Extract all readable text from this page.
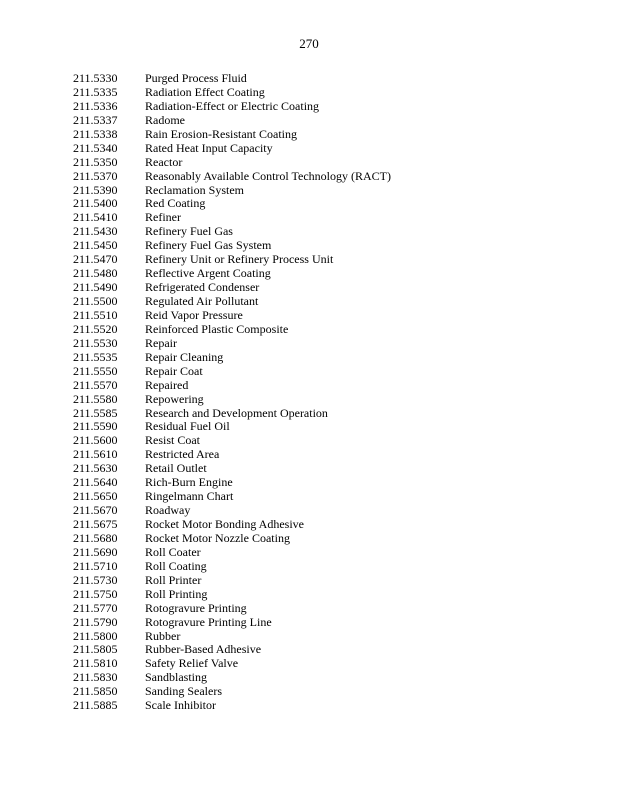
270
211.5330	Purged Process Fluid
211.5335	Radiation Effect Coating
211.5336	Radiation-Effect or Electric Coating
211.5337	Radome
211.5338	Rain Erosion-Resistant Coating
211.5340	Rated Heat Input Capacity
211.5350	Reactor
211.5370	Reasonably Available Control Technology (RACT)
211.5390	Reclamation System
211.5400	Red Coating
211.5410	Refiner
211.5430	Refinery Fuel Gas
211.5450	Refinery Fuel Gas System
211.5470	Refinery Unit or Refinery Process Unit
211.5480	Reflective Argent Coating
211.5490	Refrigerated Condenser
211.5500	Regulated Air Pollutant
211.5510	Reid Vapor Pressure
211.5520	Reinforced Plastic Composite
211.5530	Repair
211.5535	Repair Cleaning
211.5550	Repair Coat
211.5570	Repaired
211.5580	Repowering
211.5585	Research and Development Operation
211.5590	Residual Fuel Oil
211.5600	Resist Coat
211.5610	Restricted Area
211.5630	Retail Outlet
211.5640	Rich-Burn Engine
211.5650	Ringelmann Chart
211.5670	Roadway
211.5675	Rocket Motor Bonding Adhesive
211.5680	Rocket Motor Nozzle Coating
211.5690	Roll Coater
211.5710	Roll Coating
211.5730	Roll Printer
211.5750	Roll Printing
211.5770	Rotogravure Printing
211.5790	Rotogravure Printing Line
211.5800	Rubber
211.5805	Rubber-Based Adhesive
211.5810	Safety Relief Valve
211.5830	Sandblasting
211.5850	Sanding Sealers
211.5885	Scale Inhibitor
